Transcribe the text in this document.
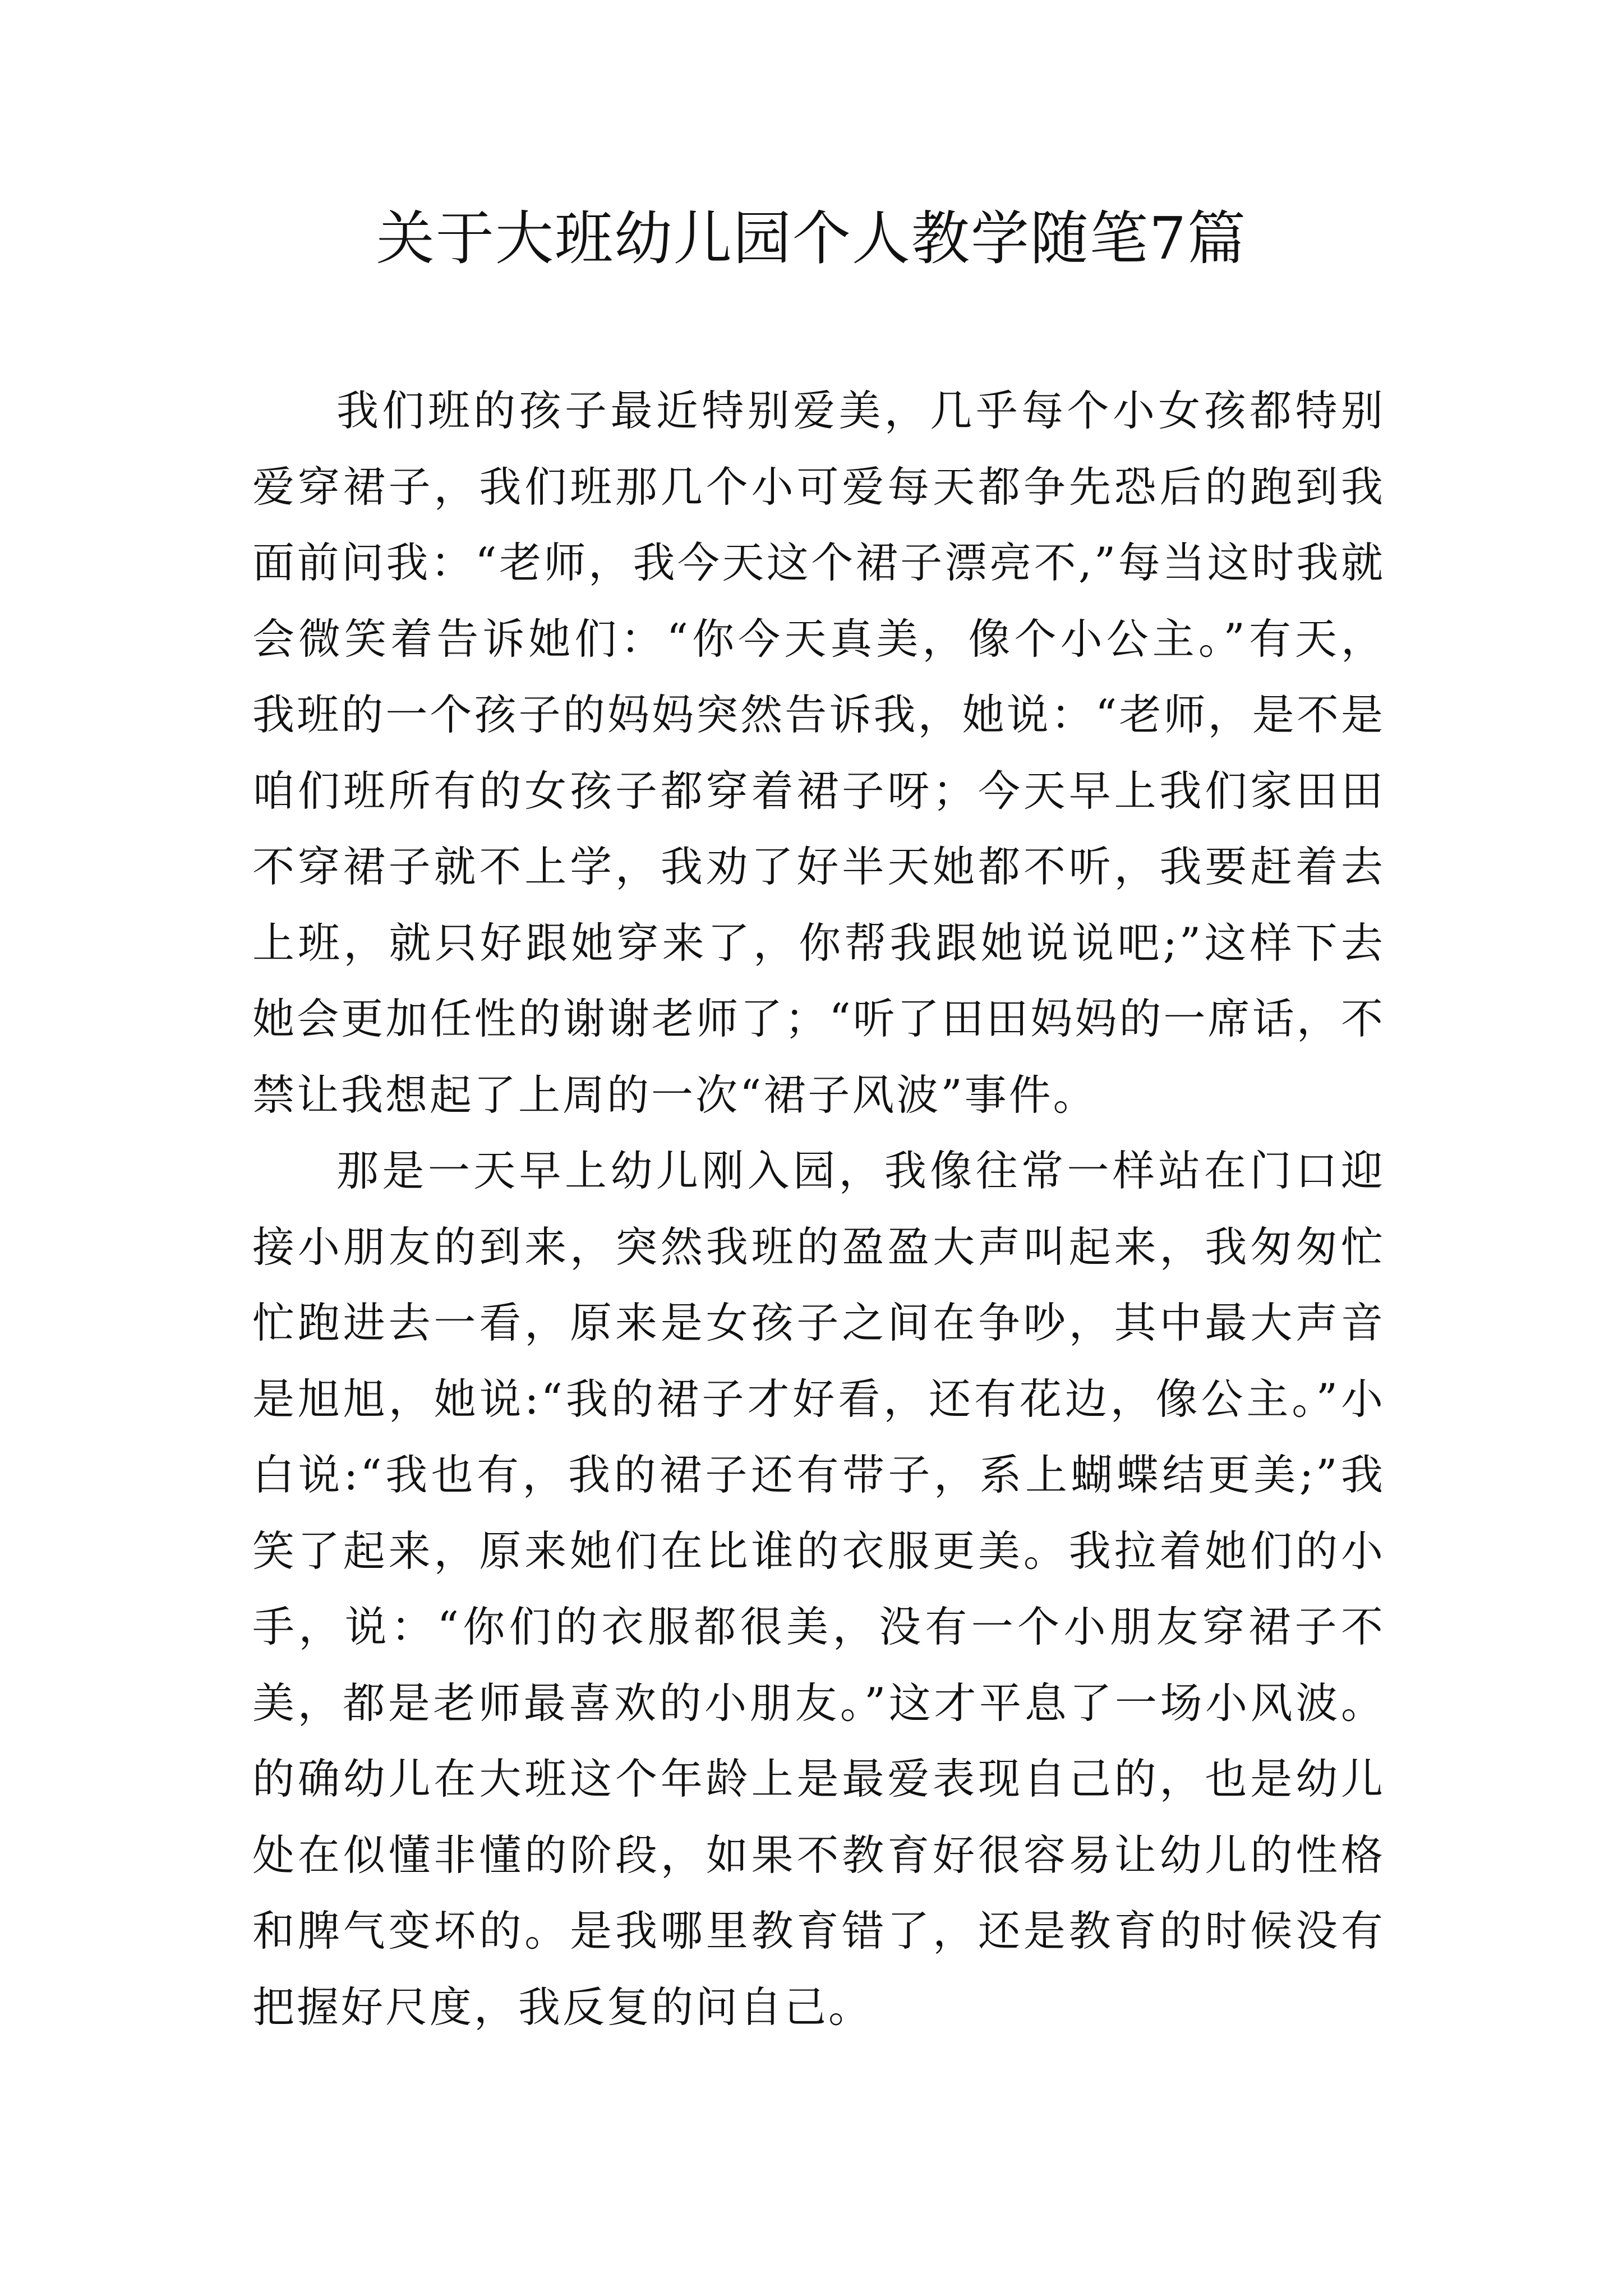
关于大班幼儿园个人教学随笔7篇

我们班的孩子最近特别爱美，几乎每个小女孩都特别爱穿裙子，我们班那几个小可爱每天都争先恐后的跑到我面前问我：“老师，我今天这个裙子漂亮不,”每当这时我就会微笑着告诉她们：“你今天真美，像个小公主。”有天，我班的一个孩子的妈妈突然告诉我，她说：“老师，是不是咱们班所有的女孩子都穿着裙子呀；今天早上我们家田田不穿裙子就不上学，我劝了好半天她都不听，我要赶着去上班，就只好跟她穿来了，你帮我跟她说说吧;”这样下去她会更加任性的谢谢老师了；“听了田田妈妈的一席话，不禁让我想起了上周的一次“裙子风波”事件。

那是一天早上幼儿刚入园，我像往常一样站在门口迎接小朋友的到来，突然我班的盈盈大声叫起来，我匆匆忙忙跑进去一看，原来是女孩子之间在争吵，其中最大声音是旭旭，她说:“我的裙子才好看，还有花边，像公主。”小白说:“我也有，我的裙子还有带子，系上蝴蝶结更美;”我笑了起来，原来她们在比谁的衣服更美。我拉着她们的小手，说：“你们的衣服都很美，没有一个小朋友穿裙子不美，都是老师最喜欢的小朋友。”这才平息了一场小风波。的确幼儿在大班这个年龄上是最爱表现自己的，也是幼儿处在似懂非懂的阶段，如果不教育好很容易让幼儿的性格和脾气变坏的。是我哪里教育错了，还是教育的时候没有把握好尺度，我反复的问自己。
